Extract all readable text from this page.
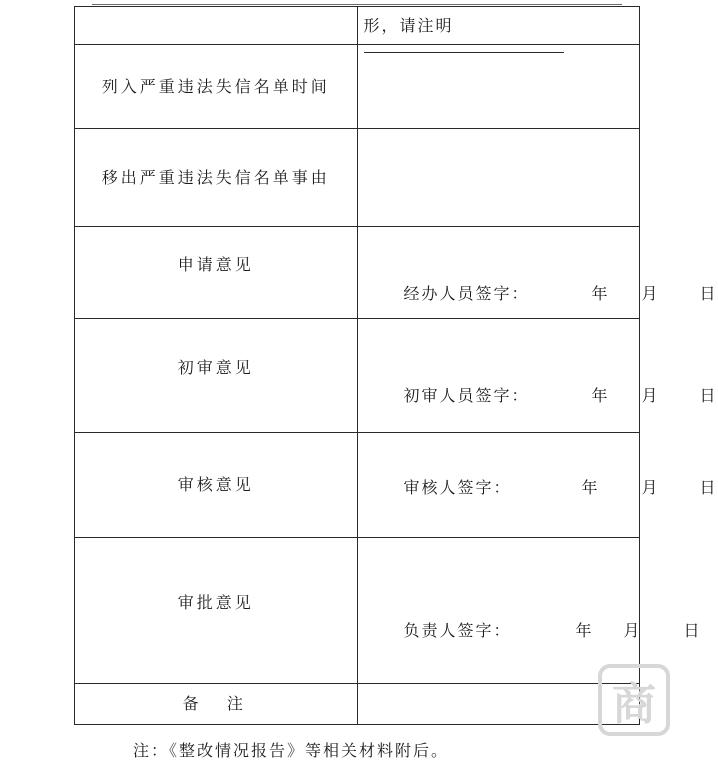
	形，请注明

列入严重违法失信名单时间	
移出严重违法失信名单事由	
申请意见	经办人员签字： 年 月 日

初审意见	初审人员签字： 年 月 日

审核意见	审核人签字： 年 月 日

审批意见	负责人签字： 年 月 日

备  注	
注：《整改情况报告》等相关材料附后。
商
